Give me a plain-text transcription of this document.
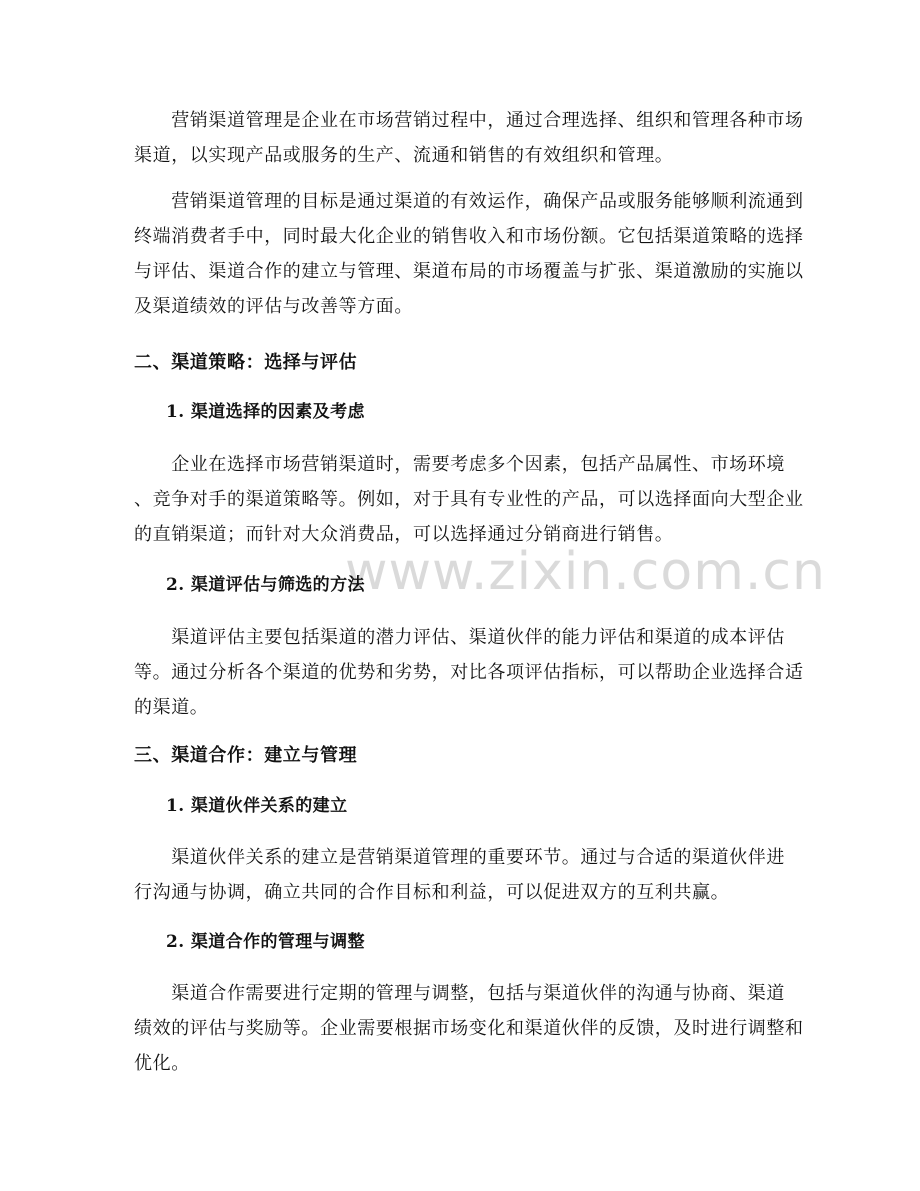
www.zixin.com.cn

　　营销渠道管理是企业在市场营销过程中，通过合理选择、组织和管理各种市场
渠道，以实现产品或服务的生产、流通和销售的有效组织和管理。

　　营销渠道管理的目标是通过渠道的有效运作，确保产品或服务能够顺利流通到
终端消费者手中，同时最大化企业的销售收入和市场份额。它包括渠道策略的选择
与评估、渠道合作的建立与管理、渠道布局的市场覆盖与扩张、渠道激励的实施以
及渠道绩效的评估与改善等方面。

二、渠道策略：选择与评估
1. 渠道选择的因素及考虑

　　企业在选择市场营销渠道时，需要考虑多个因素，包括产品属性、市场环境
、竞争对手的渠道策略等。例如，对于具有专业性的产品，可以选择面向大型企业
的直销渠道；而针对大众消费品，可以选择通过分销商进行销售。

2. 渠道评估与筛选的方法

　　渠道评估主要包括渠道的潜力评估、渠道伙伴的能力评估和渠道的成本评估
等。通过分析各个渠道的优势和劣势，对比各项评估指标，可以帮助企业选择合适
的渠道。

三、渠道合作：建立与管理
1. 渠道伙伴关系的建立

　　渠道伙伴关系的建立是营销渠道管理的重要环节。通过与合适的渠道伙伴进
行沟通与协调，确立共同的合作目标和利益，可以促进双方的互利共赢。

2. 渠道合作的管理与调整

　　渠道合作需要进行定期的管理与调整，包括与渠道伙伴的沟通与协商、渠道
绩效的评估与奖励等。企业需要根据市场变化和渠道伙伴的反馈，及时进行调整和
优化。
